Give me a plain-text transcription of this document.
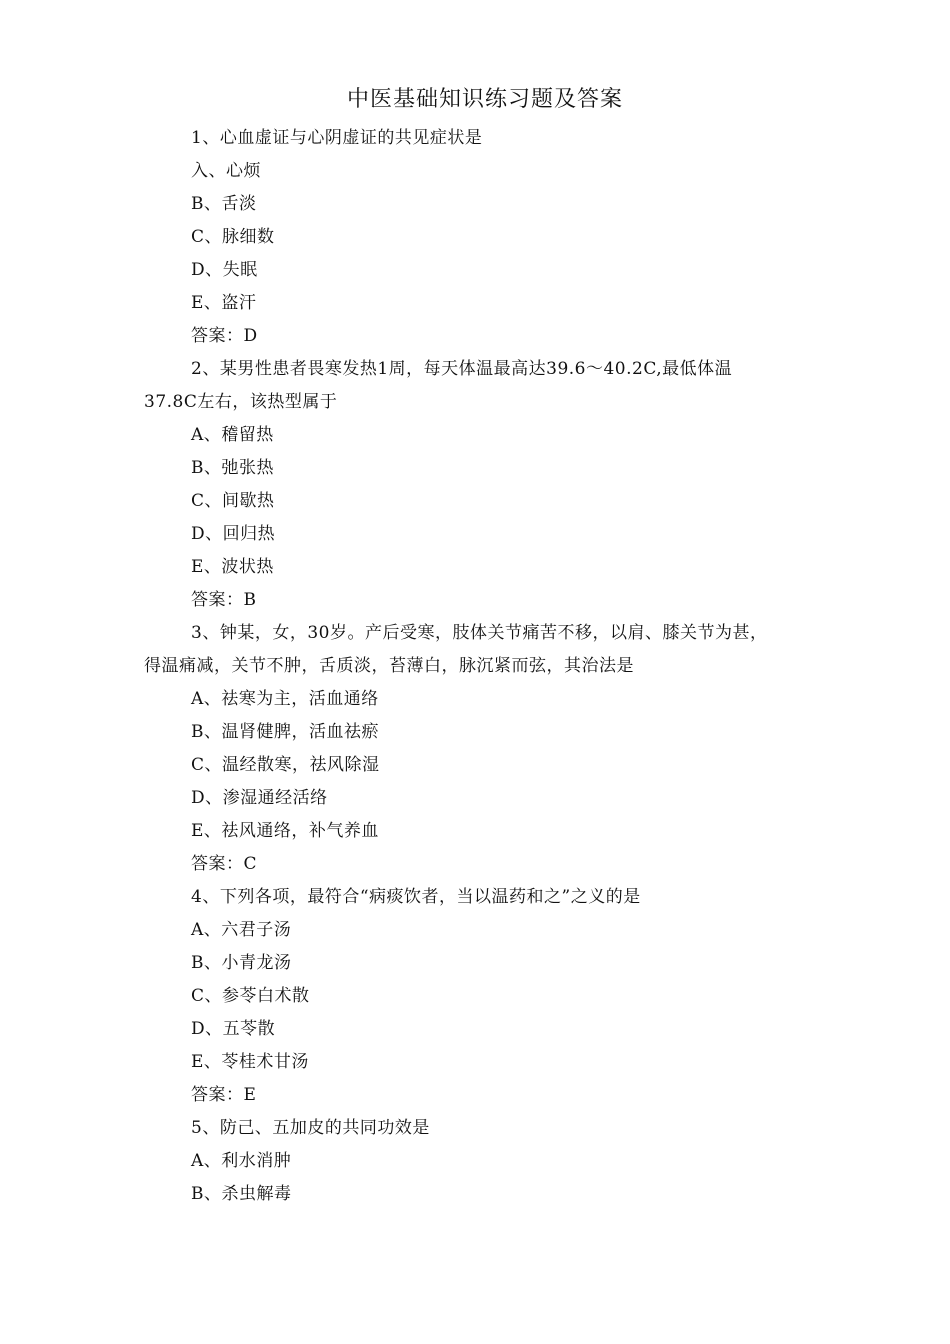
中医基础知识练习题及答案
1、心血虚证与心阴虚证的共见症状是
入、心烦
B、舌淡
C、脉细数
D、失眠
E、盗汗
答案：D
2、某男性患者畏寒发热1周，每天体温最高达39.6〜40.2C,最低体温
37.8C左右，该热型属于
A、稽留热
B、弛张热
C、间歇热
D、回归热
E、波状热
答案：B
3、钟某，女，30岁。产后受寒，肢体关节痛苦不移，以肩、膝关节为甚，
得温痛减，关节不肿，舌质淡，苔薄白，脉沉紧而弦，其治法是
A、祛寒为主，活血通络
B、温肾健脾，活血祛瘀
C、温经散寒，祛风除湿
D、渗湿通经活络
E、祛风通络，补气养血
答案：C
4、下列各项，最符合“病痰饮者，当以温药和之”之义的是
A、六君子汤
B、小青龙汤
C、参苓白术散
D、五苓散
E、苓桂术甘汤
答案：E
5、防己、五加皮的共同功效是
A、利水消肿
B、杀虫解毒
